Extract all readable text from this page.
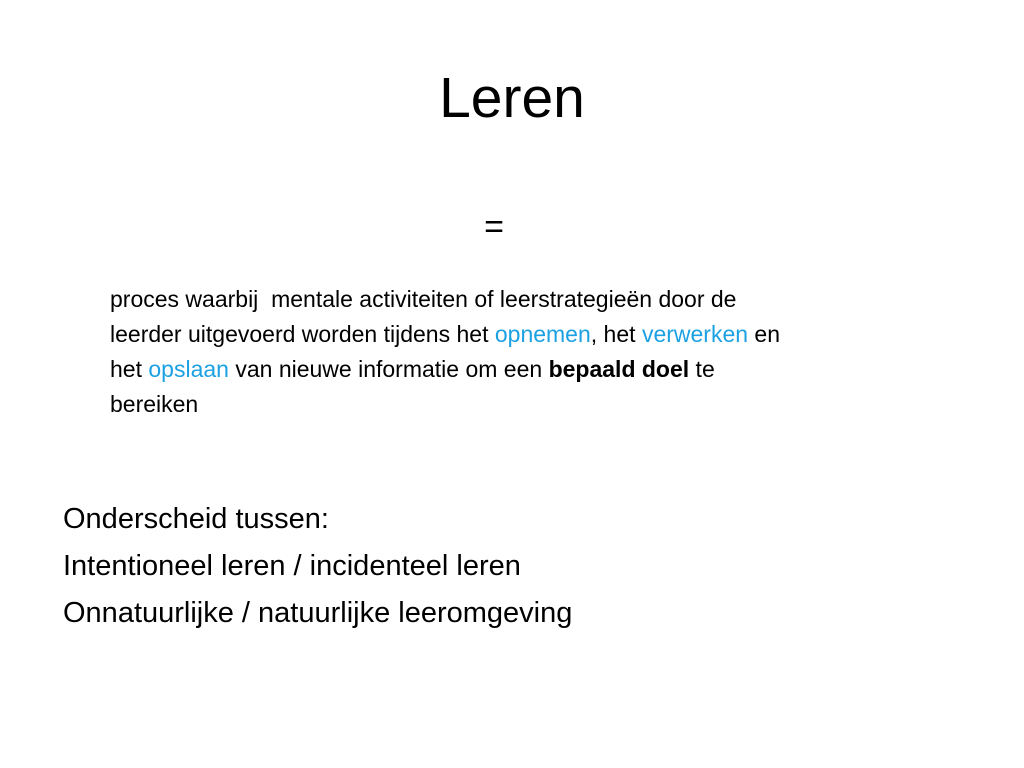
Leren
=
proces waarbij mentale activiteiten of leerstrategieën door de
leerder uitgevoerd worden tijdens het opnemen, het verwerken en
het opslaan van nieuwe informatie om een bepaald doel te
bereiken
Onderscheid tussen:
Intentioneel leren / incidenteel leren
Onnatuurlijke / natuurlijke leeromgeving
